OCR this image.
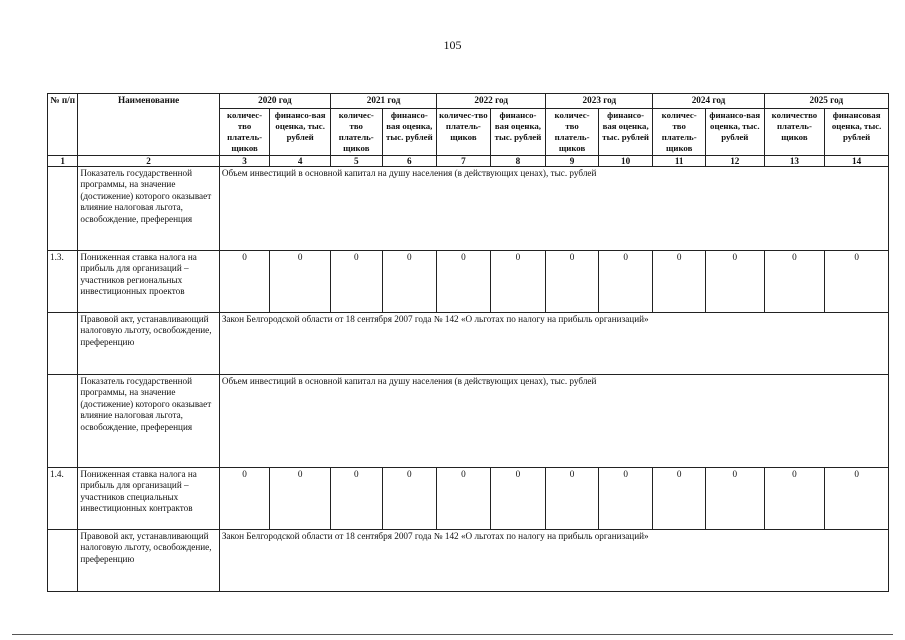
105
№ п/п	Наименование	2020 год		2021 год		2022 год		2023 год		2024 год		2025 год	
		количес-тво платель-щиков	финансо-вая оценка, тыс. рублей	количес-тво платель-щиков	финансо-вая оценка, тыс. рублей	количес-тво платель-щиков	финансо-вая оценка, тыс. рублей	количес-тво платель-щиков	финансо-вая оценка, тыс. рублей	количес-тво платель-щиков	финансо-вая оценка, тыс. рублей	количество платель-щиков	финансовая оценка, тыс. рублей
1	2	3	4	5	6	7	8	9	10	11	12	13	14
	Показатель государственной программы, на значение (достижение) которого оказывает влияние налоговая льгота, освобождение, преференция	Объем инвестиций в основной капитал на душу населения (в действующих ценах), тыс. рублей											
1.3.	Пониженная ставка налога на прибыль для организаций – участников региональных инвестиционных проектов	0	0	0	0	0	0	0	0	0	0	0	0
	Правовой акт, устанавливающий налоговую льготу, освобождение, преференцию	Закон Белгородской области от 18 сентября 2007 года № 142 «О льготах по налогу на прибыль организаций»											
	Показатель государственной программы, на значение (достижение) которого оказывает влияние налоговая льгота, освобождение, преференция	Объем инвестиций в основной капитал на душу населения (в действующих ценах), тыс. рублей											
1.4.	Пониженная ставка налога на прибыль для организаций – участников специальных инвестиционных контрактов	0	0	0	0	0	0	0	0	0	0	0	0
	Правовой акт, устанавливающий налоговую льготу, освобождение, преференцию	Закон Белгородской области от 18 сентября 2007 года № 142 «О льготах по налогу на прибыль организаций»											
